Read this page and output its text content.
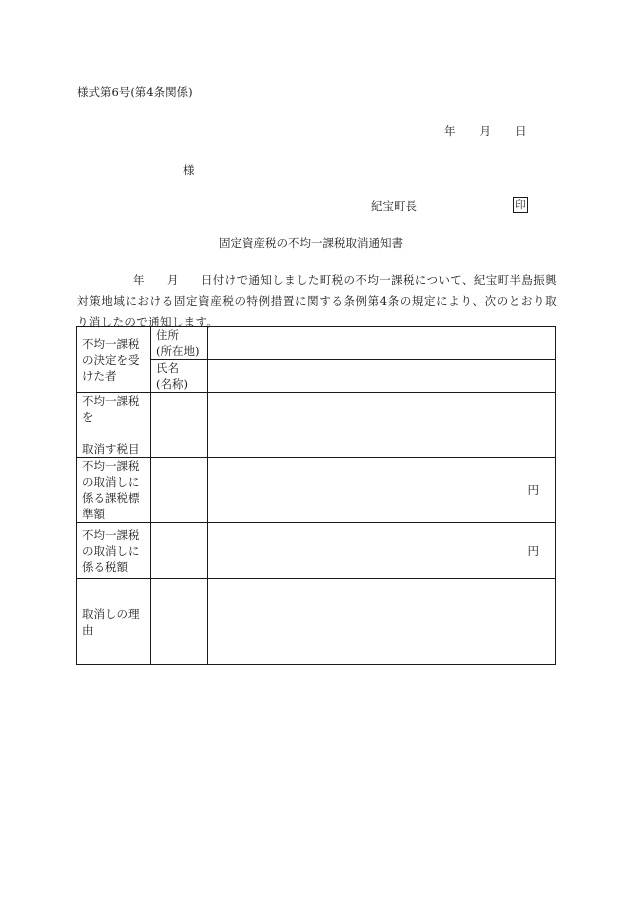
様式第6号(第4条関係)
年 月 日
様
紀宝町長	印
固定資産税の不均一課税取消通知書
年 月 日付けで通知しました町税の不均一課税について、紀宝町半島振興対策地域における固定資産税の特例措置に関する条例第4条の規定により、次のとおり取り消したので通知します。
不均一課税の決定を受けた者	住所
(所在地)	

	氏名
(名称)	

不均一課税を
取消す税目		

不均一課税の取消しに係る課税標準額		円
不均一課税の取消しに係る税額		円
取消しの理由		
